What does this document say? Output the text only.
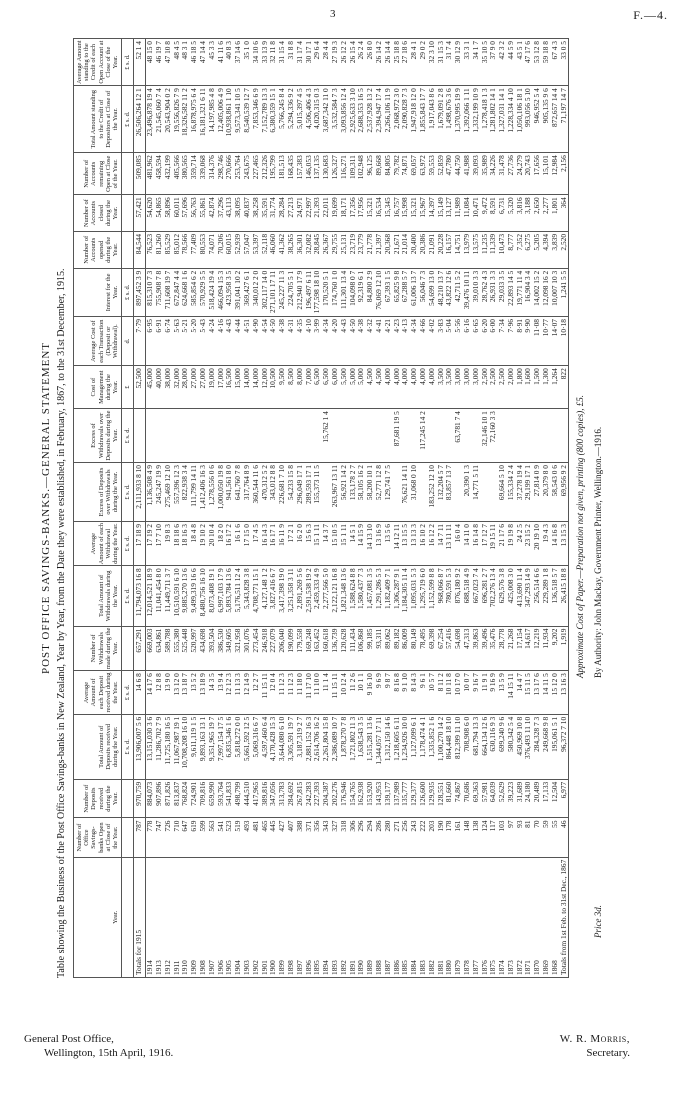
3	F.—4.
POST OFFICE SAVINGS-BANKS.—GENERAL STATEMENT Table showing the Business of the Post Office Savings-banks in New Zealand, Year by Year, from the Date they were established, in February, 1867, to the 31st December, 1915.	Year.	Number of Office Savings-banks Open at Close of the Year.	Number of Deposits received during the Year.	Total Amount of Deposits received during the Year.	Average Amount of each Deposit received during the Year.	Number of Withdrawals made during the Year.	Total Amount of Withdrawals during the Year.	Average Amount of each Withdrawal during the Year.	Excess of Deposits over Withdrawals during the Year.	Excess of Withdrawals over Deposits during the Year.	Cost of Management during the Year.	Average Cost of each Transaction (Deposit or Withdrawal).	Interest for the Year.	Number of Accounts opened during the Year.	Number of Accounts closed during the Year.	Number of Accounts remaining Open at Close of the Year.	Total Amount standing to the Credit of Depositors at Close of the Year.	Average Amount standing to the Credit of each Open Account at Close of the Year.
			£ s. d.	£ s. d.		£ s. d.	£ s. d.	£ s. d.	£ s. d.	£	d.	£ s. d.				£ s. d.	£ s. d.
Totals for 1915	787	970,759	13,906,007 5 6	14 6 8	657,291	11,794,073 16 8	17 18 9	2,111,933 8 10		52,500	7·79	897,452 3 9	84,544	57,421	509,085	26,506,264 12 1	52 1 4
1914	778	884,073	13,151,030 3 6	14 17 6	669,003	12,014,521 18 9	17 19 2	1,136,508 4 9		45,000	6·95	815,310 7 3	76,523	54,620	481,962	23,496,878 19 4	48 15 0
1913	747	907,896	11,286,702 7 9	12 8 8	634,861	11,041,454 8 0	17 7 10	245,247 19 9		40,000	6·91	755,908 7 8	81,260	54,865	458,594	21,545,060 7 4	46 19 7
1912	726	871,826	11,725,180 16 5	13 9 0	589,788	11,449,711 3 7	19 8 3	275,469 12 10		38,000	6·74	711,608 19 7	85,529	58,896	432,199	20,543,904 0 2	47 10 8
1911	710	813,837	11,067,987 19 1	13 12 0	555,380	10,510,591 6 10	18 18 6	557,396 12 3		32,000	5·63	672,847 4 4	85,012	60,011	405,566	19,556,826 7 9	48 4 5
1910	647	768,824	10,708,208 16 10	13 18 7	525,448	9,885,270 13 6	18 16 3	822,938 3 4		28,000	5·21	624,668 1 6	78,566	57,696	380,565	18,326,582 11 2	48 3 1
1909	619	724,901	9,611,119 1 5	13 5 2	520,997	9,499,319 16 6	18 4 8	111,799 14 11		27,000	5·20	585,854 6 2	77,409	56,763	359,714	16,878,975 6 4	46 18 5
1908	599	709,816	9,893,163 13 1	13 18 9	434,698	8,480,756 16 10	19 10 2	1,412,406 16 3		27,000	5·43	570,929 5 5	80,553	55,861	339,068	16,181,321 6 11	47 14 4
1907	563	659,990	9,351,965 19 7	14 3 5	393,504	8,073,408 19 1	20 10 4	1,278,556 0 6		19,000	4·24	518,424 19 4	74,071	42,874	314,376	14,197,985 4 8	45 3 3
1906	541	593,764	7,997,154 17 5	13 9 4	386,530	6,997,103 17 9	18 2 0	1,000,050 19 8		17,000	4·16	466,094 15 3	70,206	37,296	298,746	12,405,006 4 9	41 11 6
1905	523	541,833	6,835,346 1 6	12 12 3	349,605	5,893,784 13 6	16 17 2	941,561 8 0		16,500	4·43	423,958 3 5	60,015	43,113	270,666	10,938,861 1 10	40 8 3
1904	519	498,799	5,818,272 0 0	11 13 3	321,958	5,176,511 12 4	16 1 6	641,760 7 8		15,000	4·44	391,041 10 2	52,939	38,095	253,764	9,573,341 10 5	37 14 6
1903	493	444,510	5,661,592 12 5	12 14 9	301,076	5,343,828 3 8	17 15 0	317,764 8 9		14,000	4·51	369,427 6 1	57,047	40,837	243,675	8,540,539 12 7	35 1 0
1902	481	417,965	5,069,316 6 7	12 2 7	273,454	4,708,771 15 1	17 4 5	360,544 11 6		14,000	4·90	340,012 2 0	53,397	38,258	227,465	7,853,346 6 9	34 10 6
1901	465	389,816	4,597,460 6 4	11 15 11	246,918	4,127,148 1 2	16 14 3	470,312 5 2		12,000	4·54	302,117 14 0	52,118	35,591	212,326	7,152,789 13 3	33 13 9
1900	445	347,056	4,170,428 15 3	12 0 4	227,079	3,827,416 6 7	16 17 1	343,012 8 8		10,500	4·50	271,101 17 11	46,060	31,774	195,799	6,380,359 15 1	32 11 8
1899	427	313,783	3,644,080 6 10	11 12 3	206,040	3,417,398 19 0	16 11 9	226,681 7 10		9,500	4·38	245,227 11 3	41,362	28,284	181,513	5,766,245 8 4	31 15 4
1898	407	284,692	3,305,591 19 7	11 12 3	190,099	3,251,358 3 11	17 2 1	54,233 15 8		8,500	4·31	224,705 5 1	38,265	27,213	168,435	5,294,336 9 2	31 8 8
1897	388	267,815	3,187,319 2 7	11 18 0	179,558	2,891,269 5 6	16 2 0	296,049 17 1		8,000	4·35	212,940 17 9	36,301	24,971	157,383	5,015,397 4 5	31 17 4
1896	371	242,283	2,881,152 16 3	11 17 10	169,248	2,591,538 19 2	15 6 3	289,593 17 1		7,000	4·10	196,497 6 11	32,082	22,997	146,053	4,506,406 4 3	30 17 1
1895	356	227,393	2,614,706 16 2	11 10 0	163,452	2,459,333 4 9	15 1 11	155,373 11 5		6,500	3·99	177,598 18 10	28,845	21,393	137,135	4,020,315 0 3	29 6 4
1894	343	204,387	2,261,804 15 8	11 1 4	160,618	2,277,566 5 0	14 3 7		15,762 1 4	6,500	4·34	170,520 5 1	26,367	22,011	130,683	3,687,342 11 0	28 4 4
1893	327	202,276	2,386,089 10 7	11 15 11	136,739	2,122,121 16 8	15 10 5	263,967 13 11		6,000	4·20	174,760 1 0	29,755	19,699	126,327	3,532,584 7 3	27 19 3
1892	318	176,946	1,878,270 7 8	10 12 4	120,628	1,821,348 13 6	15 1 11	56,921 14 2		5,500	4·43	111,301 13 4	25,131	18,171	116,271	3,093,856 12 4	26 12 2
1891	306	154,765	1,721,802 11 3	11 2 6	111,434	1,588,624 8 8	14 5 1	133,178 2 7		5,000	4·50	104,098 0 7	23,719	17,356	109,311	2,925,633 3 10	26 15 4
1890	296	162,938	1,638,543 3 5	10 1 1	106,868	1,580,437 7 3	14 15 9	58,105 16 2		5,000	4·38	92,319 6 1	23,779	17,956	102,948	2,688,353 16 5	26 2 4
1889	294	153,920	1,515,281 13 6	9 16 10	99,185	1,457,081 3 5	14 13 10	58,200 10 1		4,500	4·32	84,800 2 9	21,778	15,321	96,125	2,537,928 13 2	26 8 0
1888	286	143,953	1,344,057 17 11	9 6 9	93,311	1,291,286 5 3	13 16 9	52,771 12 8		4,500	4·41	76,069 12 10	21,397	16,534	89,668	2,394,947 17 4	26 14 2
1887	280	139,177	1,312,150 14 6	9 8 7	89,062	1,182,409 7 1	13 5 6	129,741 7 5		4,000	4·21	67,393 1 5	20,368	15,345	84,805	2,266,106 11 9	26 14 4
1886	271	137,989	1,218,605 6 11	8 16 8	89,182	1,306,287 9 1	14 12 11		87,681 19 5	4,000	4·23	65,825 9 8	21,671	16,757	79,782	2,068,972 3 0	25 18 8
1885	256	135,777	1,234,926 10 0	9 1 10	86,009	1,184,305 11 4	13 15 5	76,621 14 11		4,000	4·13	67,288 5 7	21,014	15,998	74,871	2,090,828 7 3	27 18 6
1884	243	129,377	1,127,099 6 1	8 14 3	80,149	1,095,031 5 3	13 13 3	31,068 0 10		4,000	4·34	61,006 13 7	20,400	15,321	69,057	1,947,918 12 0	28 4 1
1883	222	126,600	1,178,474 4 1	9 6 1	78,495	1,295,719 6 0	16 10 2		117,245 14 2	4,000	4·66	56,046 7 3	20,386	15,967	63,972	1,855,843 17 7	29 0 2
1882	203	129,935	1,335,852 1 6	10 5 7	69,398	1,152,599 8 8	16 12 2	183,252 12 10		4,000	4·02	54,699 13 0	21,091	14,397	59,553	1,917,043 8 6	32 3 10
1881	190	128,551	1,100,270 14 2	8 11 2	67,254	968,066 8 7	14 7 11	132,204 5 7		3,500	3·83	48,210 13 7	20,228	15,149	52,859	1,679,091 2 8	31 15 3
1880	178	81,660	864,448 18 10	10 11 8	57,416	780,591 5 3	13 11 11	83,857 13 7		3,500	5·04	43,822 12 6	16,157	13,127	47,780	1,498,676 3 6	31 7 4
1879	161	74,867	812,399 11 10	10 17 0	54,698	876,180 9 2	16 0 4		63,781 7 4	3,000	5·56	42,711 5 2	14,751	11,989	44,750	1,370,995 19 9	30 12 9
1878	148	70,686	708,908 6 0	10 0 7	47,313	688,518 4 9	14 11 0	20,390 1 3		3,000	6·16	39,476 10 11	13,979	11,084	41,988	1,392,066 1 11	33 3 1
1877	138	69,363	681,794 13 3	9 16 7	39,863	667,023 7 4	16 14 8	14,771 5 11		3,000	6·65	39,010 3 3	13,575	10,471	39,093	1,332,199 10 9	34 1 7
1876	124	57,981	664,134 12 6	11 9 1	39,496	696,281 2 7	17 12 7		32,146 10 1	2,500	6·20	28,762 4 3	11,235	9,472	35,989	1,278,418 1 3	35 10 5
1875	117	64,039	630,116 9 3	9 16 9	35,476	702,276 13 4	19 15 11		72,160 3 3	2,500	6·00	26,931 3 3	11,339	8,591	34,226	1,281,802 14 1	37 9 0
1874	103	52,629	699,240 9 6	13 5 9	28,778	629,576 3 8	21 17 6	69,664 5 10		2,500	7·34	29,033 3 5	10,473	6,731	31,478	1,327,031 14 1	42 3 2
1873	97	39,223	580,342 5 4	14 15 11	21,268	425,008 3 0	19 19 8	155,334 2 4		2,000	7·96	22,893 14 5	8,777	5,320	27,736	1,228,334 4 10	44 5 9
1872	93	31,689	450,969 10 8	14 4 7	17,154	413,690 11 4	24 2 5	37,278 19 4		1,800	8·91	19,771 11 4	7,352	3,816	24,279	1,050,106 18 1	43 5 1
1871	81	24,180	376,493 11 10	15 11 5	14,617	347,293 14 9	23 15 2	29,199 17 1		1,600	9·90	16,904 3 4	6,275	3,188	20,743	993,056 5 10	47 17 6
1870	70	20,489	284,328 7 3	13 17 6	12,219	256,514 6 6	20 19 10	27,814 0 9		1,500	11·08	14,002 15 2	5,205	2,650	17,656	946,952 5 4	53 12 8
1869	59	17,133	249,668 9 8	14 11 5	11,934	229,289 1 8	19 4 3	20,379 8 0		1,300	10·77	12,098 16 2	4,394	2,277	15,101	905,135 9 6	59 18 8
1868	55	12,504	195,061 5 1	15 12 0	9,202	136,518 5 7	14 16 8	58,543 0 6		1,264	14·07	10,007 10 3	3,839	1,801	12,984	872,657 14 4	67 4 3
Totals from 1st Feb. to 31st Dec., 1867	46	6,977	96,372 7 10	13 16 3	1,919	26,415 18 8	13 15 3	69,956 9 2		822	10·18	1,241 5 5	2,520	364	2,156	71,197 14 7	33 0 5
Approximate Cost of Paper.—Preparation not given, printing (800 copies), £5. By Authority: John Mackay, Government Printer, Wellington.—1916.
Price 3d.
General Post Office,
Wellington, 15th April, 1916.
W. R. Morris,
Secretary.
